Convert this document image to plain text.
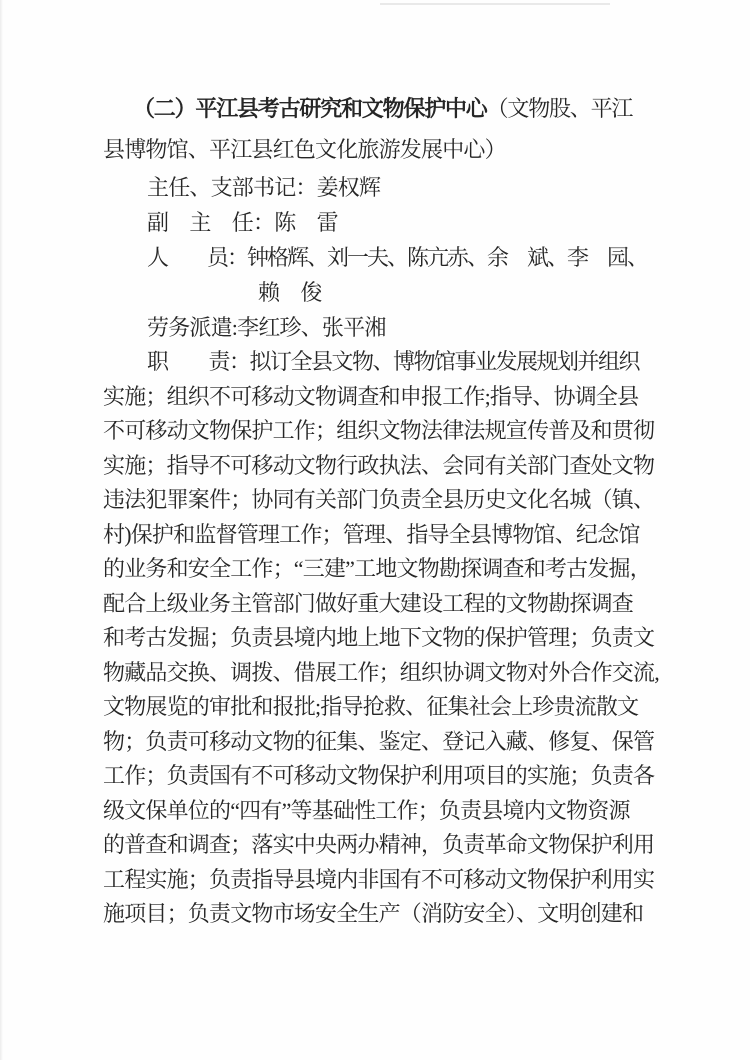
（二）平江县考古研究和文物保护中心（文物股、平江
县博物馆、平江县红色文化旅游发展中心）
主任、支部书记：姜权辉
副　主　任：陈　雷
人　　员：钟格辉、刘一夫、陈亢赤、余　斌、李　园、
赖　俊
劳务派遣:李红珍、张平湘
职　　责：拟订全县文物、博物馆事业发展规划并组织
实施；组织不可移动文物调查和申报工作;指导、协调全县
不可移动文物保护工作；组织文物法律法规宣传普及和贯彻
实施；指导不可移动文物行政执法、会同有关部门查处文物
违法犯罪案件；协同有关部门负责全县历史文化名城（镇、
村)保护和监督管理工作；管理、指导全县博物馆、纪念馆
的业务和安全工作；“三建”工地文物勘探调查和考古发掘，
配合上级业务主管部门做好重大建设工程的文物勘探调查
和考古发掘；负责县境内地上地下文物的保护管理；负责文
物藏品交换、调拨、借展工作；组织协调文物对外合作交流,
文物展览的审批和报批;指导抢救、征集社会上珍贵流散文
物；负责可移动文物的征集、鉴定、登记入藏、修复、保管
工作；负责国有不可移动文物保护利用项目的实施；负责各
级文保单位的“四有”等基础性工作；负责县境内文物资源
的普查和调查；落实中央两办精神，负责革命文物保护利用
工程实施；负责指导县境内非国有不可移动文物保护利用实
施项目；负责文物市场安全生产（消防安全）、文明创建和
